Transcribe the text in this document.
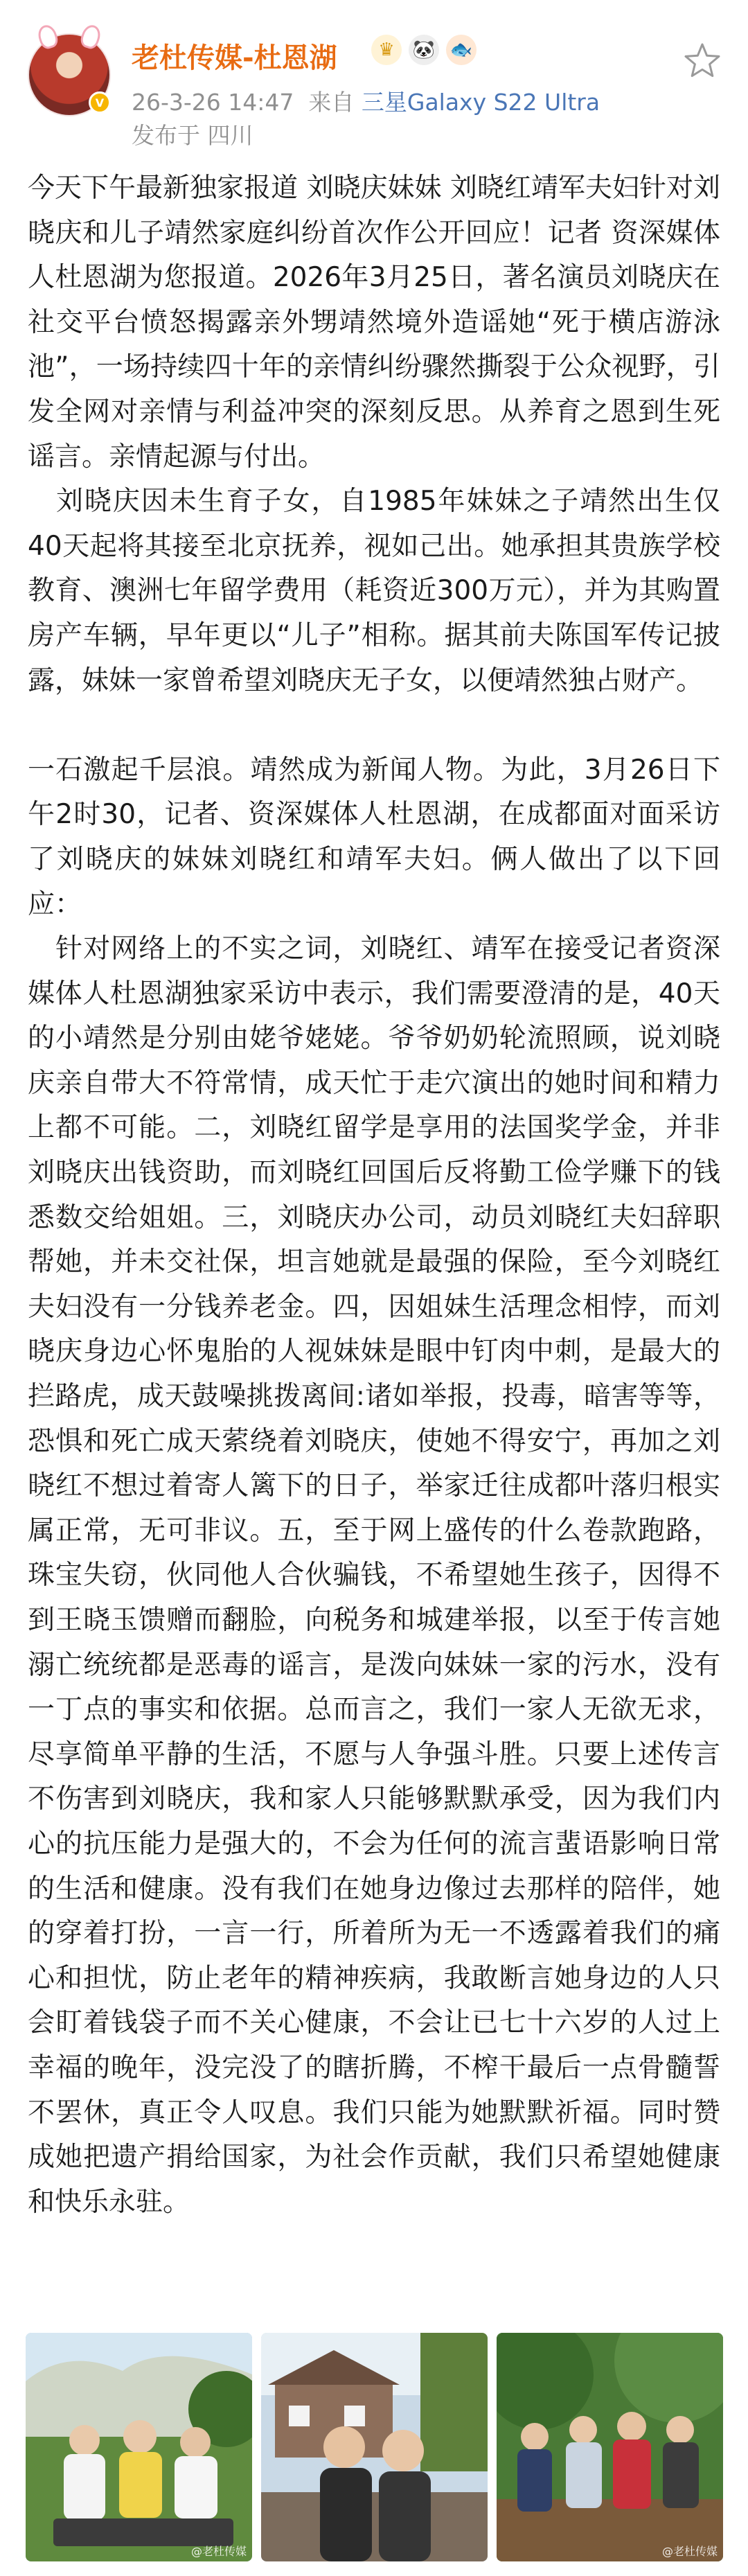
V
老杜传媒-杜恩湖	♛	🐼 🐟
26-3-26 14:47 来自 三星Galaxy S22 Ultra
发布于 四川

今天下午最新独家报道 刘晓庆妹妹 刘晓红靖军夫妇针对刘晓庆和儿子靖然家庭纠纷首次作公开回应！记者 资深媒体人杜恩湖为您报道。2026年3月25日，著名演员刘晓庆在社交平台愤怒揭露亲外甥靖然境外造谣她“死于横店游泳池”，一场持续四十年的亲情纠纷骤然撕裂于公众视野，引发全网对亲情与利益冲突的深刻反思。从养育之恩到生死谣言。亲情起源与付出。

　刘晓庆因未生育子女，自1985年妹妹之子靖然出生仅40天起将其接至北京抚养，视如己出。她承担其贵族学校教育、澳洲七年留学费用（耗资近300万元），并为其购置房产车辆，早年更以“儿子”相称。据其前夫陈国军传记披露，妹妹一家曾希望刘晓庆无子女，以便靖然独占财产。

一石激起千层浪。靖然成为新闻人物。为此，3月26日下午2时30，记者、资深媒体人杜恩湖，在成都面对面采访了刘晓庆的妹妹刘晓红和靖军夫妇。俩人做出了以下回应：

　针对网络上的不实之词，刘晓红、靖军在接受记者资深媒体人杜恩湖独家采访中表示，我们需要澄清的是，40天的小靖然是分别由姥爷姥姥。爷爷奶奶轮流照顾，说刘晓庆亲自带大不符常情，成天忙于走穴演出的她时间和精力上都不可能。二，刘晓红留学是享用的法国奖学金，并非刘晓庆出钱资助，而刘晓红回国后反将勤工俭学赚下的钱悉数交给姐姐。三，刘晓庆办公司，动员刘晓红夫妇辞职帮她，并未交社保，坦言她就是最强的保险，至今刘晓红夫妇没有一分钱养老金。四，因姐妹生活理念相悖，而刘晓庆身边心怀鬼胎的人视妹妹是眼中钉肉中刺，是最大的拦路虎，成天鼓噪挑拨离间:诸如举报，投毒，暗害等等，恐惧和死亡成天萦绕着刘晓庆，使她不得安宁，再加之刘晓红不想过着寄人篱下的日子，举家迁往成都叶落归根实属正常，无可非议。五，至于网上盛传的什么卷款跑路，珠宝失窃，伙同他人合伙骗钱，不希望她生孩子，因得不到王晓玉馈赠而翻脸，向税务和城建举报，以至于传言她溺亡统统都是恶毒的谣言，是泼向妹妹一家的污水，没有一丁点的事实和依据。总而言之，我们一家人无欲无求，尽享简单平静的生活，不愿与人争强斗胜。只要上述传言不伤害到刘晓庆，我和家人只能够默默承受，因为我们内心的抗压能力是强大的，不会为任何的流言蜚语影响日常的生活和健康。没有我们在她身边像过去那样的陪伴，她的穿着打扮，一言一行，所着所为无一不透露着我们的痛心和担忧，防止老年的精神疾病，我敢断言她身边的人只会盯着钱袋子而不关心健康，不会让已七十六岁的人过上幸福的晚年，没完没了的瞎折腾，不榨干最后一点骨髓誓不罢休，真正令人叹息。我们只能为她默默祈福。同时赞成她把遗产捐给国家，为社会作贡献，我们只希望她健康和快乐永驻。

@老杜传媒	@老杜传媒
